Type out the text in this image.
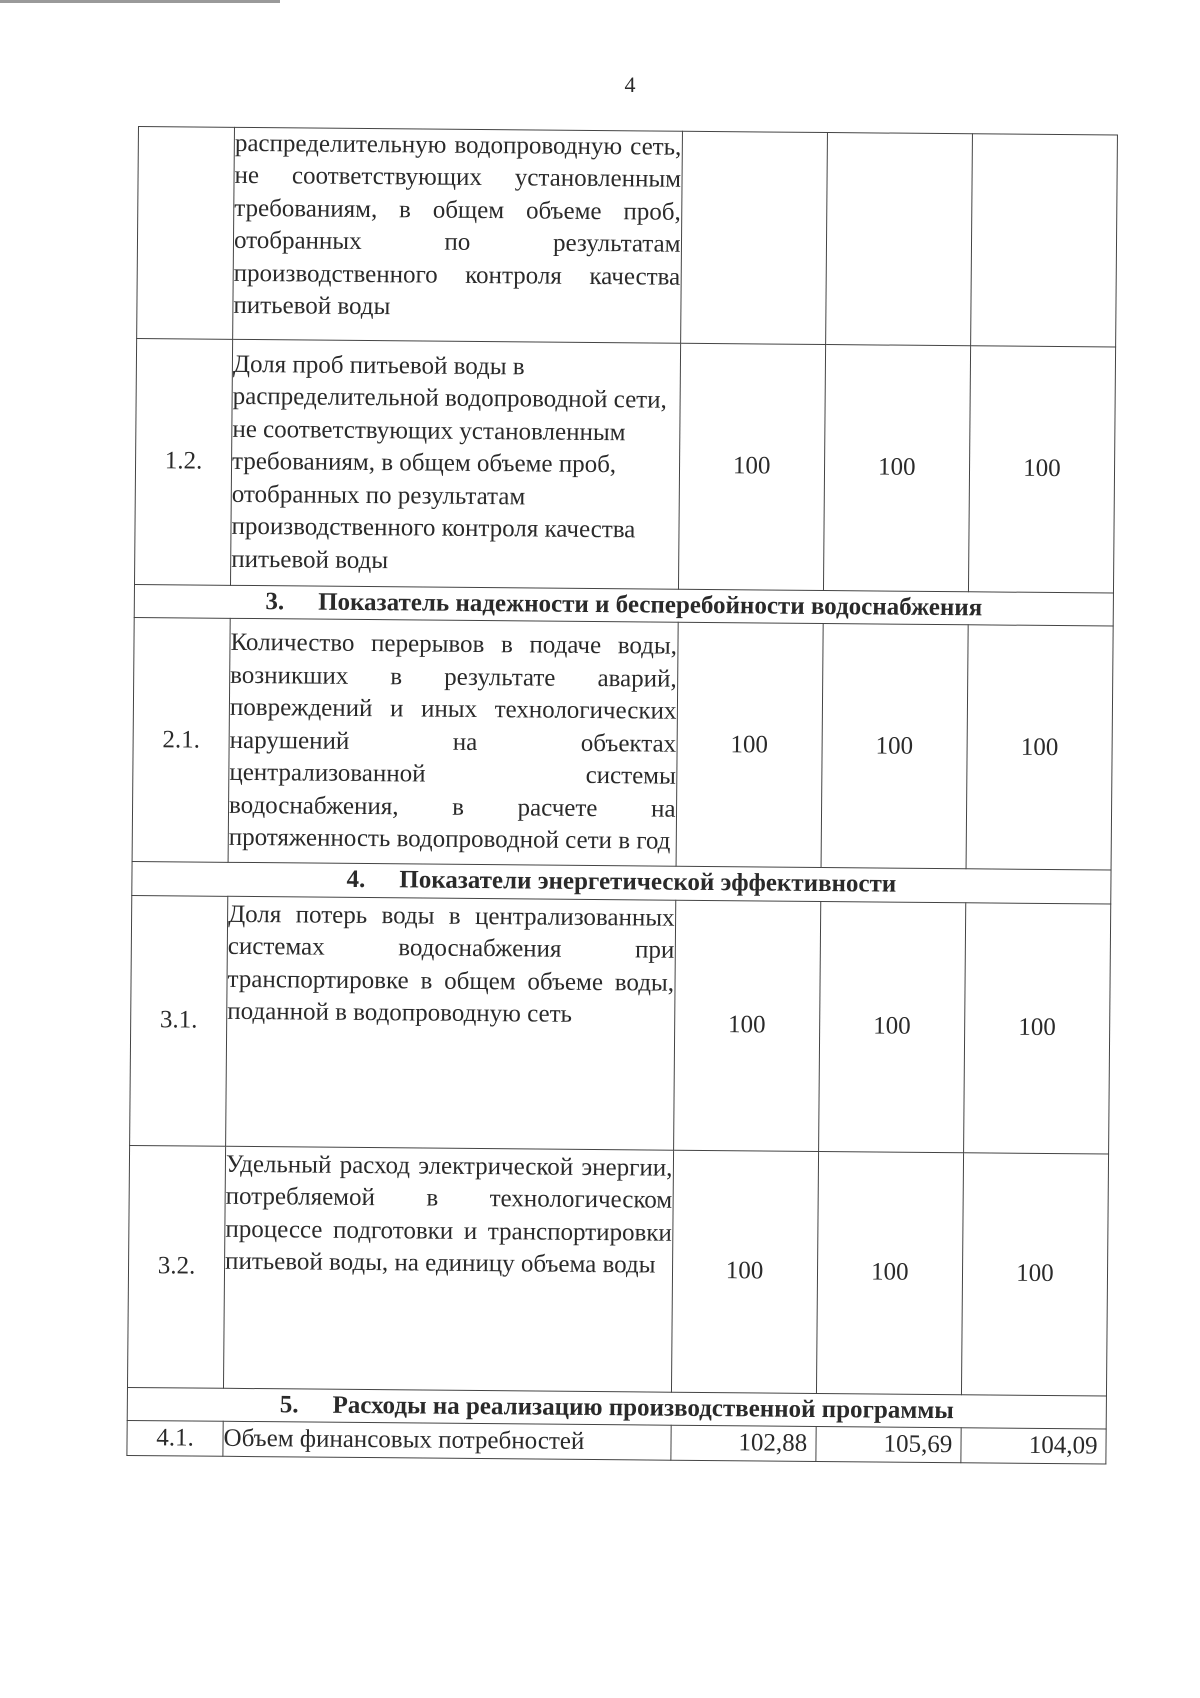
4
	распределительную водопроводную сеть, не соответствующих установленным требованиям, в общем объеме проб, отобранных по результатам производственного контроля качества питьевой воды			
1.2.	Доля проб питьевой воды в распределительной водопроводной сети, не соответствующих установленным требованиям, в общем объеме проб, отобранных по результатам производственного контроля качества питьевой воды	100	100	100
3. Показатель надежности и бесперебойности водоснабжения				
2.1.	Количество перерывов в подаче воды, возникших в результате аварий, повреждений и иных технологических нарушений на объектах централизованной системы водоснабжения, в расчете на протяженность водопроводной сети в год	100	100	100
4. Показатели энергетической эффективности				
3.1.	Доля потерь воды в централизованных системах водоснабжения при транспортировке в общем объеме воды, поданной в водопроводную сеть	100	100	100
3.2.	Удельный расход электрической энергии, потребляемой в технологическом процессе подготовки и транспортировки питьевой воды, на единицу объема воды	100	100	100
5. Расходы на реализацию производственной программы				
4.1.	Объем финансовых потребностей	102,88	105,69	104,09
